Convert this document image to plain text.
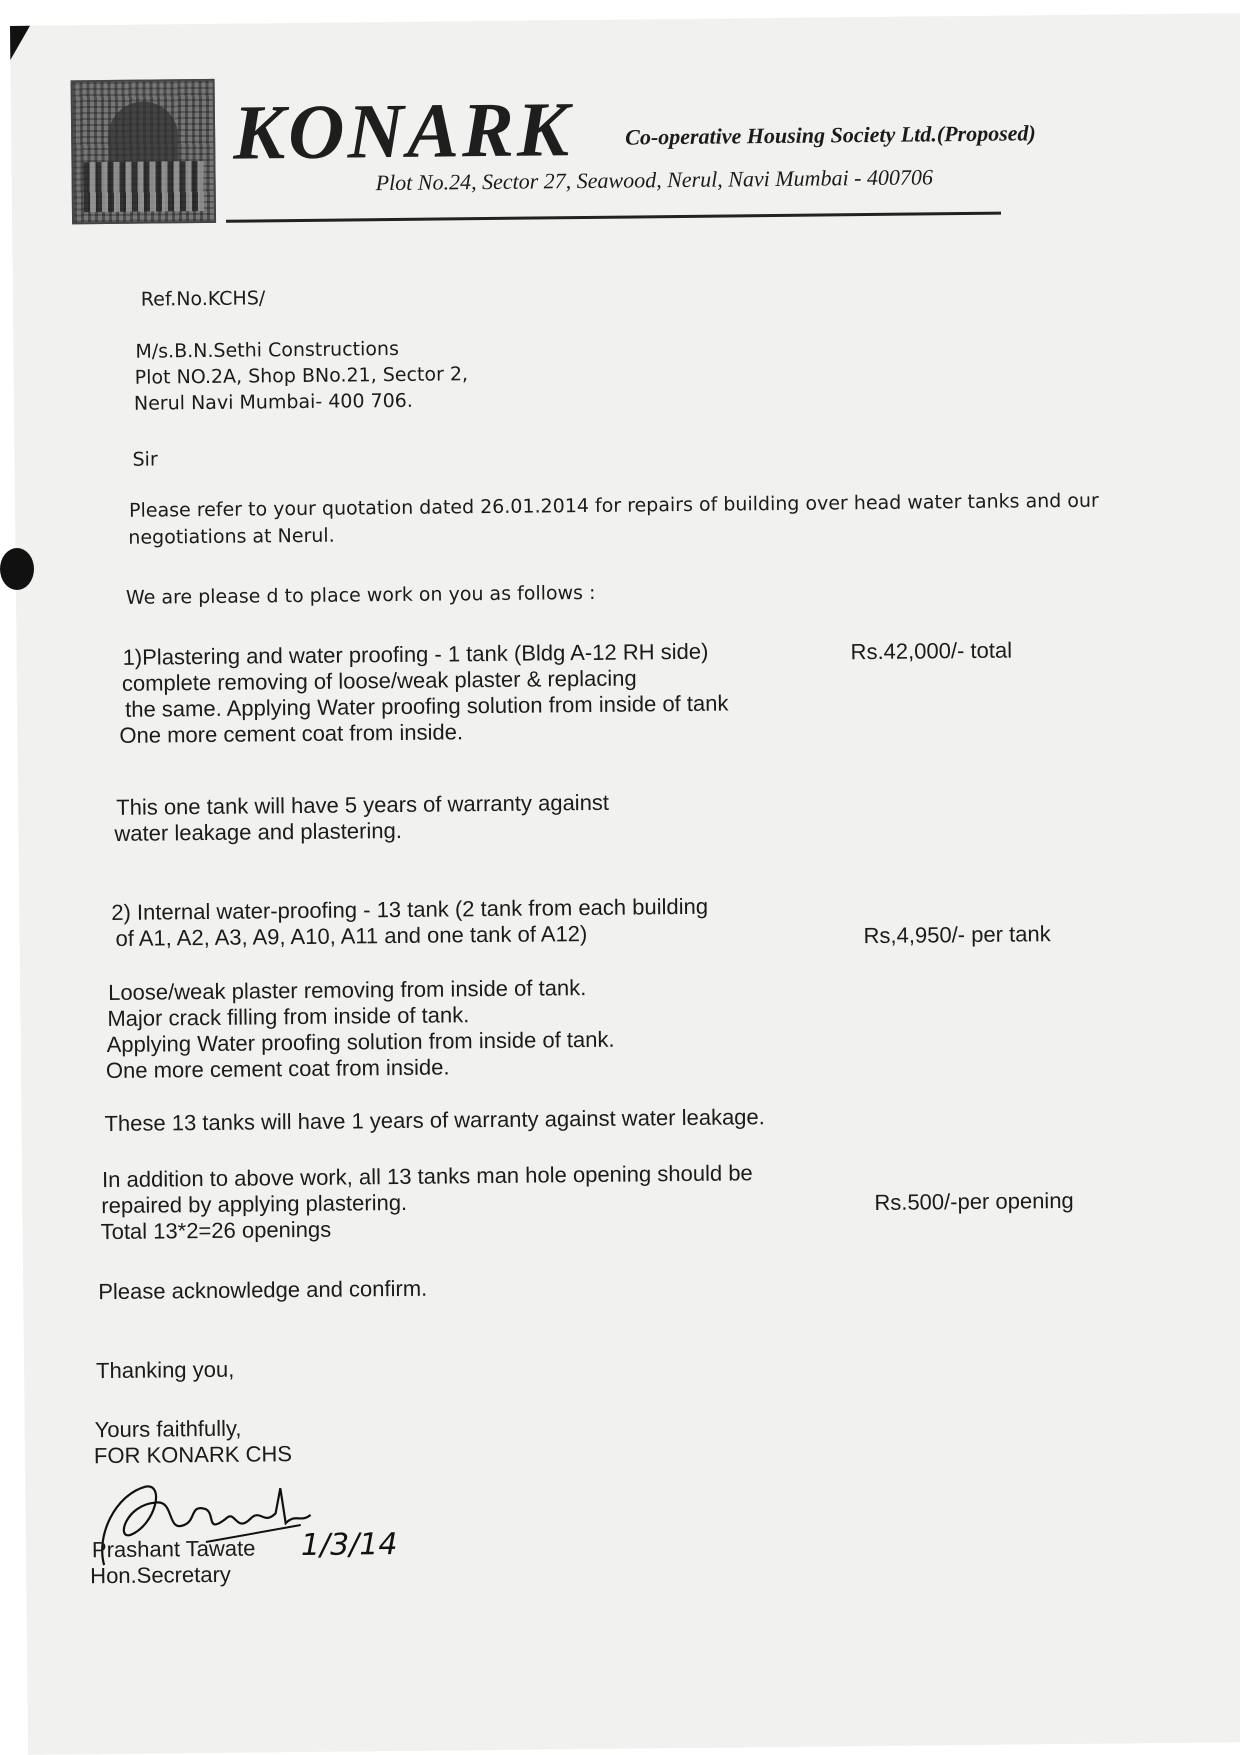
KONARK Co-operative Housing Society Ltd.(Proposed)
Plot No.24, Sector 27, Seawood, Nerul, Navi Mumbai - 400706
Ref.No.KCHS/
M/s.B.N.Sethi Constructions
Plot NO.2A, Shop BNo.21, Sector 2,
Nerul Navi Mumbai- 400 706.
Sir
Please refer to your quotation dated 26.01.2014 for repairs of building over head water tanks and our
negotiations at Nerul.
We are please d to place work on you as follows :
1)Plastering and water proofing - 1 tank (Bldg A-12 RH side)
complete removing of loose/weak plaster & replacing
the same. Applying Water proofing solution from inside of tank
One more cement coat from inside.
Rs.42,000/- total
This one tank will have 5 years of warranty against
water leakage and plastering.
2) Internal water-proofing - 13 tank (2 tank from each building
of A1, A2, A3, A9, A10, A11 and one tank of A12)	Rs,4,950/- per tank
Loose/weak plaster removing from inside of tank.
Major crack filling from inside of tank.
Applying Water proofing solution from inside of tank.
One more cement coat from inside.
These 13 tanks will have 1 years of warranty against water leakage.
In addition to above work, all 13 tanks man hole opening should be
repaired by applying plastering.
Total 13*2=26 openings
Rs.500/-per opening
Please acknowledge and confirm.
Thanking you,
Yours faithfully,
FOR KONARK CHS
1/3/14
Prashant Tawate
Hon.Secretary
